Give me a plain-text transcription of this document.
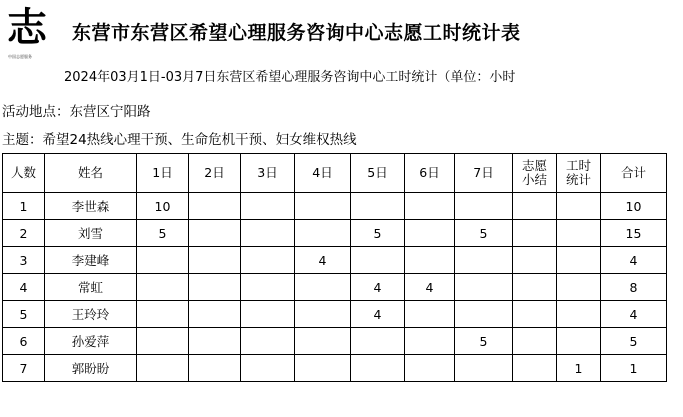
志
中国志愿服务
东营市东营区希望心理服务咨询中心志愿工时统计表
2024年03月1日-03月7日东营区希望心理服务咨询中心工时统计（单位：小时
活动地点：东营区宁阳路
主题：希望24热线心理干预、生命危机干预、妇女维权热线
人数	姓名	1日	2日	3日	4日	5日	6日	7日	志愿小结	工时统计	合计
1	李世森	10									10
2	刘雪	5				5		5			15
3	李建峰				4						4
4	常虹					4	4				8
5	王玲玲					4					4
6	孙爱萍							5			5
7	郭盼盼									1	1
